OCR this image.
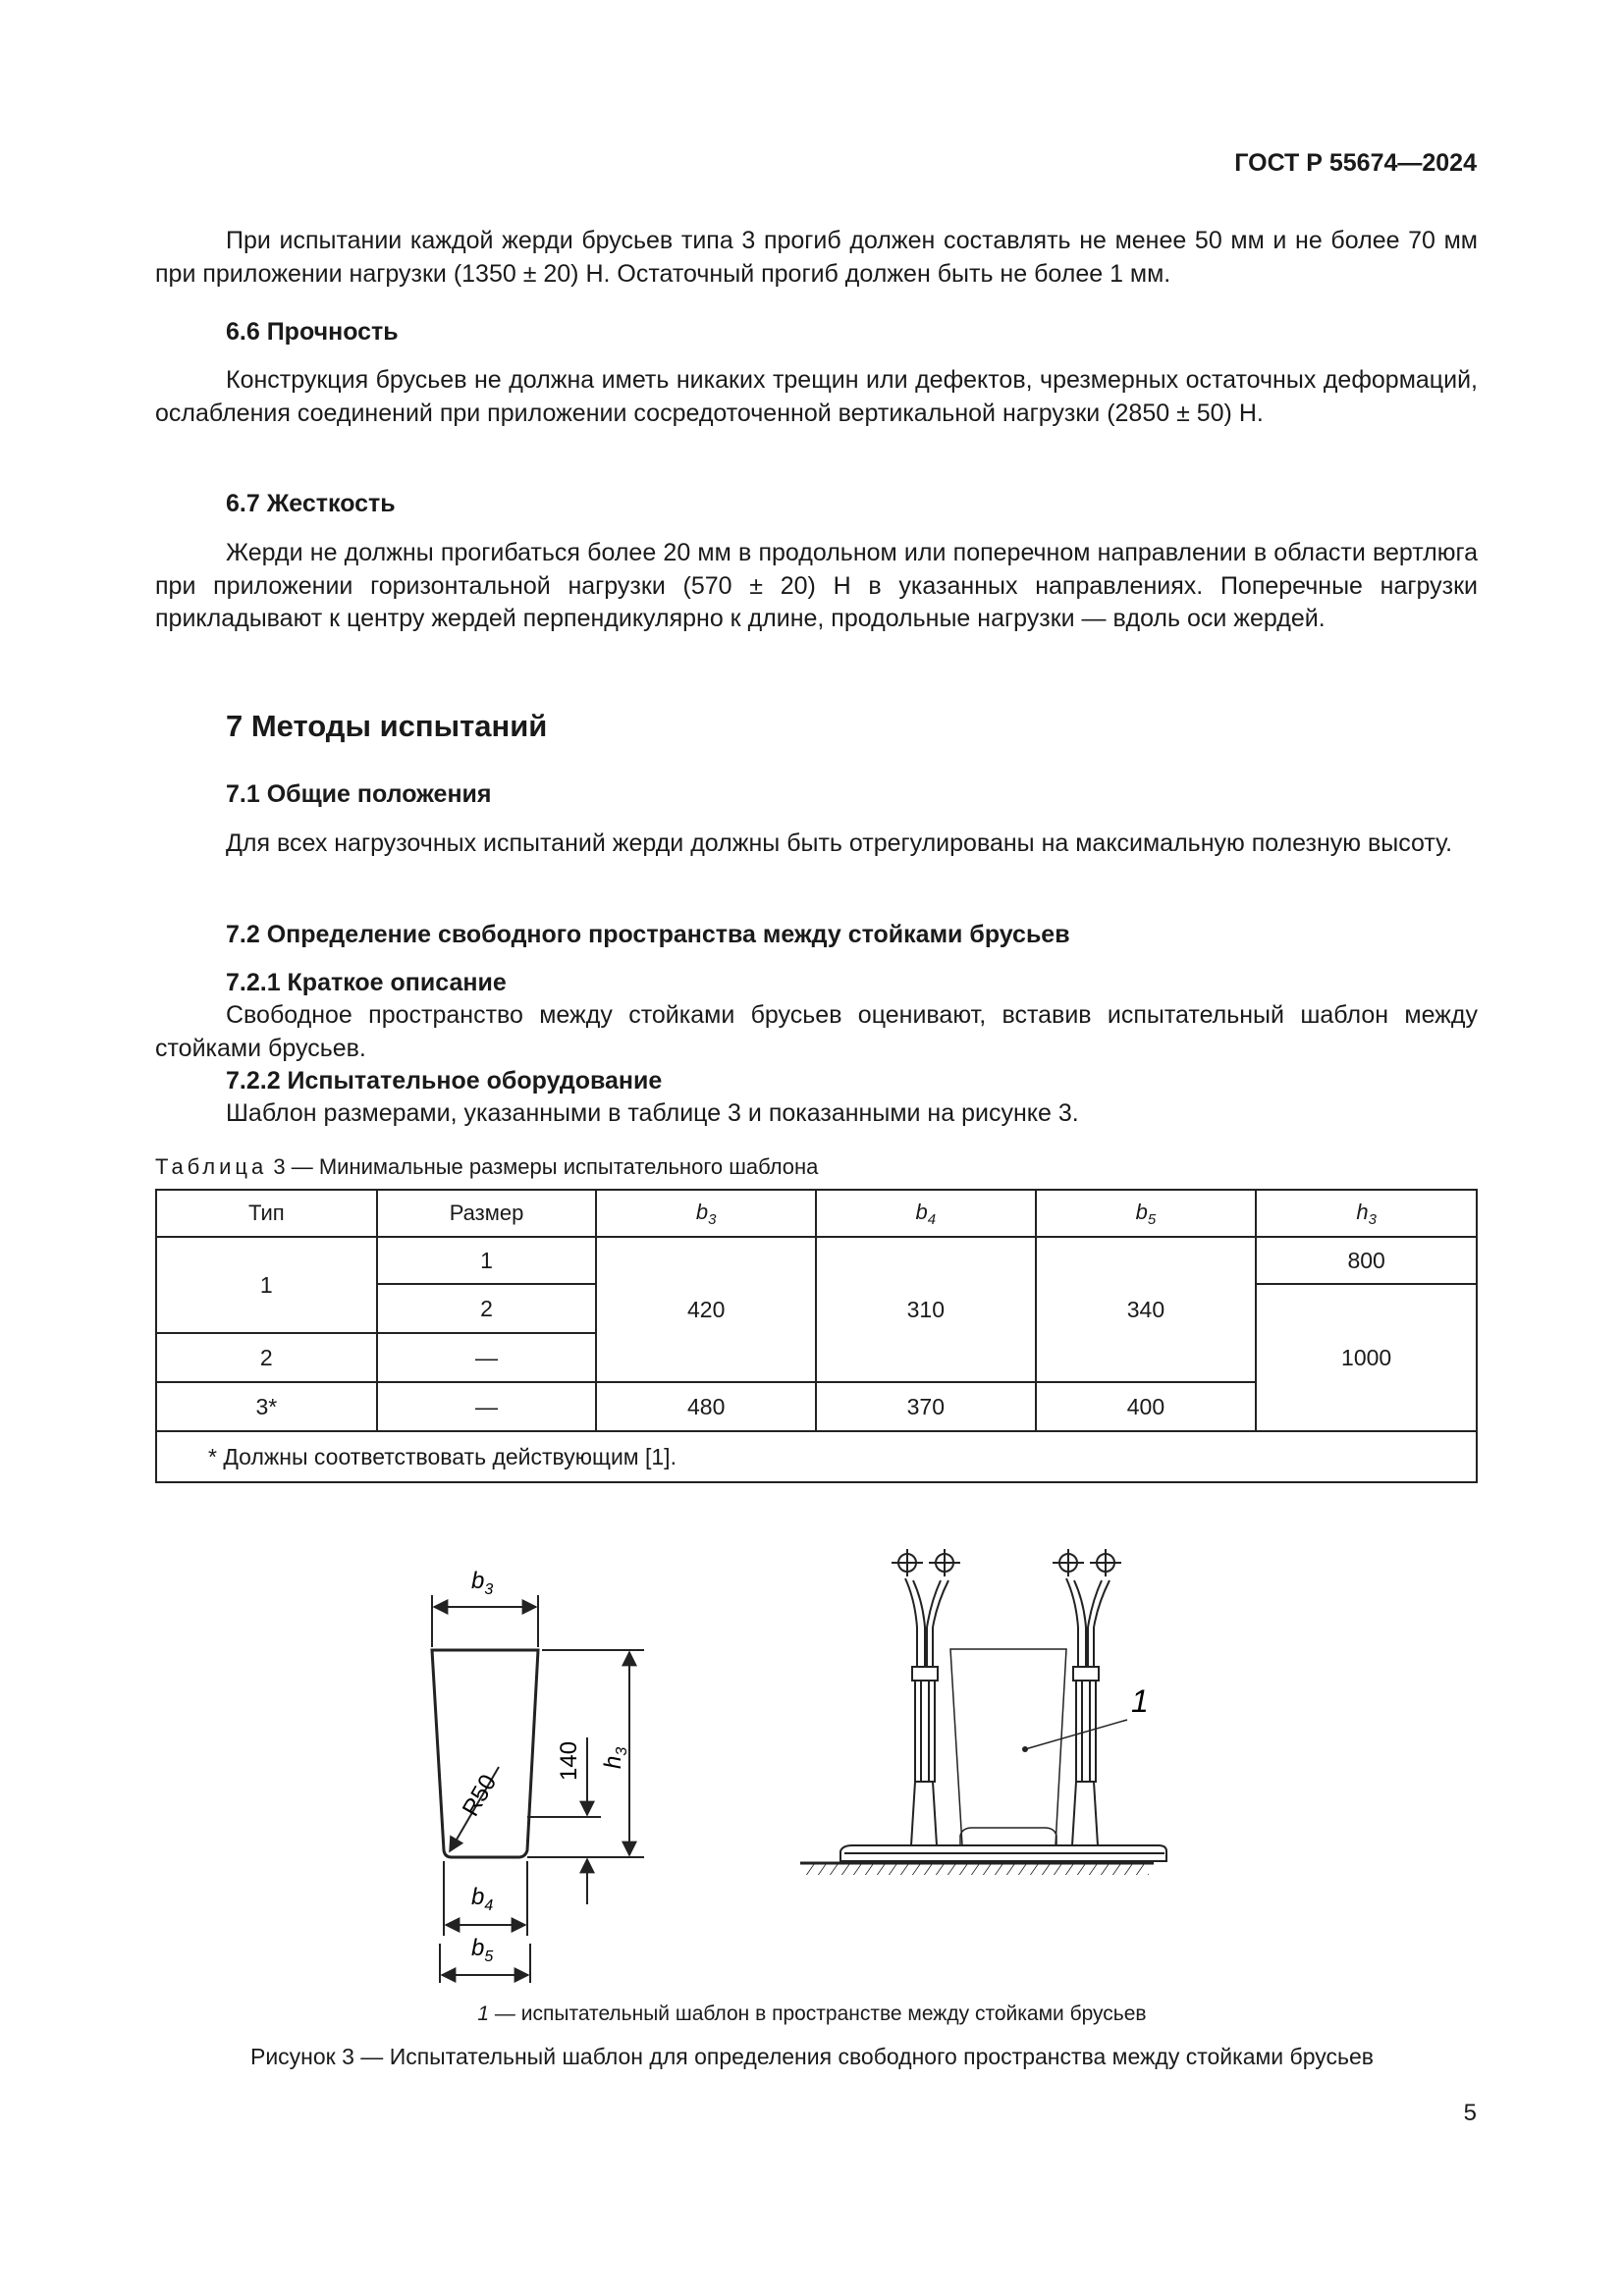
ГОСТ Р 55674—2024
При испытании каждой жерди брусьев типа 3 прогиб должен составлять не менее 50 мм и не более 70 мм при приложении нагрузки (1350 ± 20) Н. Остаточный прогиб должен быть не более 1 мм.
6.6 Прочность
Конструкция брусьев не должна иметь никаких трещин или дефектов, чрезмерных остаточных деформаций, ослабления соединений при приложении сосредоточенной вертикальной нагрузки (2850 ± 50) Н.
6.7 Жесткость
Жерди не должны прогибаться более 20 мм в продольном или поперечном направлении в области вертлюга при приложении горизонтальной нагрузки (570 ± 20) Н в указанных направлениях. Поперечные нагрузки прикладывают к центру жердей перпендикулярно к длине, продольные нагрузки — вдоль оси жердей.
7 Методы испытаний
7.1 Общие положения
Для всех нагрузочных испытаний жерди должны быть отрегулированы на максимальную полезную высоту.
7.2 Определение свободного пространства между стойками брусьев
7.2.1 Краткое описание
Свободное пространство между стойками брусьев оценивают, вставив испытательный шаблон между стойками брусьев.
7.2.2 Испытательное оборудование
Шаблон размерами, указанными в таблице 3 и показанными на рисунке 3.
Таблица 3 — Минимальные размеры испытательного шаблона
Тип	Размер	$b_3$	$b_4$	$b_5$	$h_3$
1	1	420	310	340	800
	2				1000
2	—				
3*	—	480	370	400	
* Должны соответствовать действующим [1].					
$b_3$
$h_3$
140
R50
$b_4$
$b_5$
1
1 — испытательный шаблон в пространстве между стойками брусьев
Рисунок 3 — Испытательный шаблон для определения свободного пространства между стойками брусьев
5
